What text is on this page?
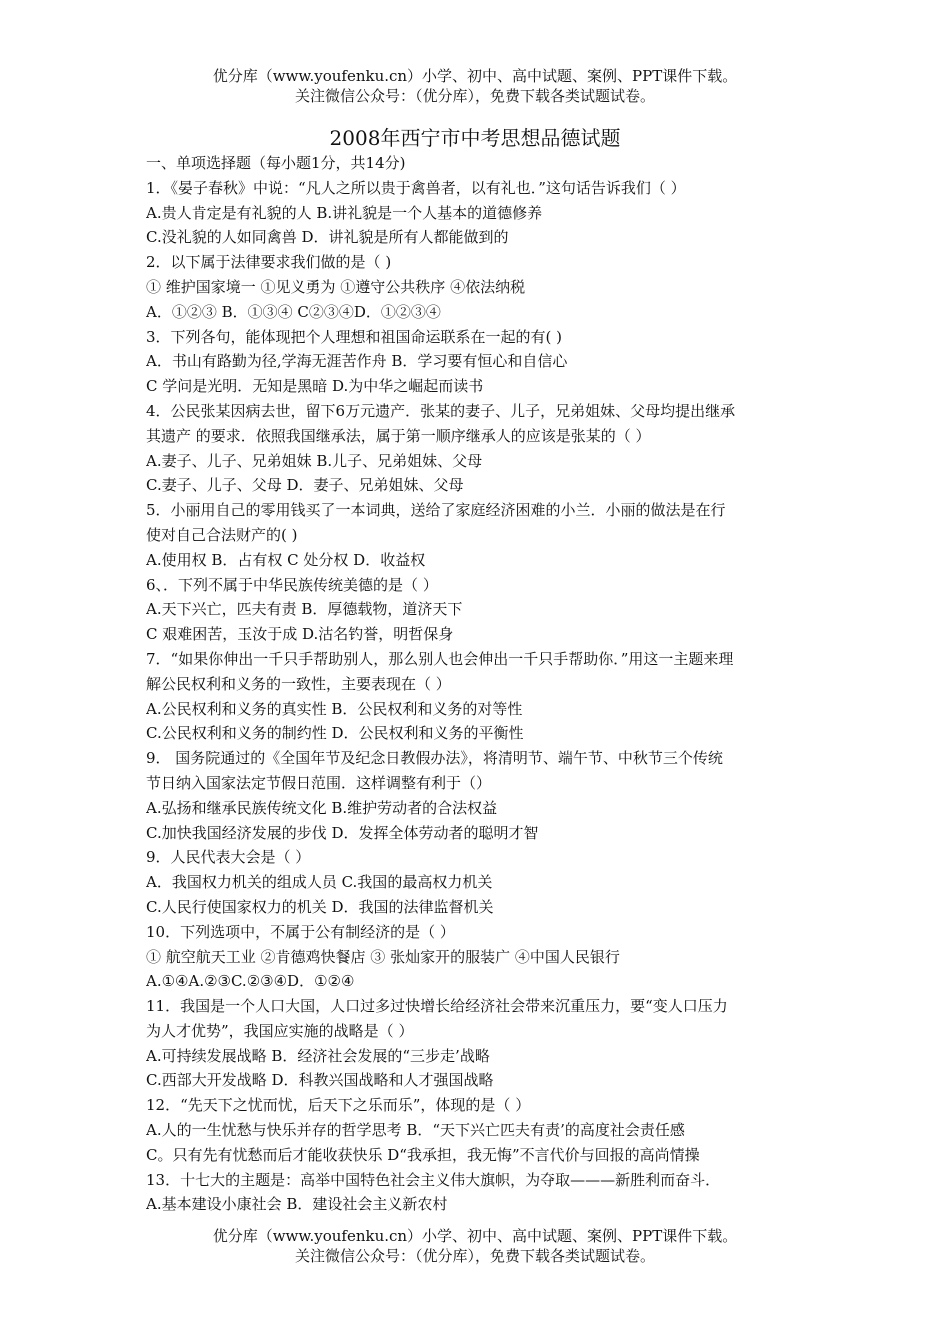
优分库（www.youfenku.cn）小学、初中、高中试题、案例、PPT课件下载。
关注微信公众号：（优分库），免费下载各类试题试卷。
2008年西宁市中考思想品德试题
一、单项选择题（每小题1分，共14分)
1．《晏子春秋》中说：“凡人之所以贵于禽兽者，以有礼也．”这句话告诉我们（ ）
A.贵人肯定是有礼貌的人 B.讲礼貌是一个人基本的道德修养
C.没礼貌的人如同禽兽 D．讲礼貌是所有人都能做到的
2．以下属于法律要求我们做的是（ )
① 维护国家境一 ①见义勇为 ①遵守公共秩序 ④依法纳税
A．①②③ B．①③④ C②③④D．①②③④
3．下列各句，能体现把个人理想和祖国命运联系在一起的有( )
A．书山有路勤为径,学海无涯苦作舟 B．学习要有恒心和自信心
C 学问是光明．无知是黑暗 D.为中华之崛起而读书
4．公民张某因病去世，留下6万元遗产．张某的妻子、儿子，兄弟姐妹、父母均提出继承
其遗产 的要求．依照我国继承法，属于第一顺序继承人的应该是张某的（ ）
A.妻子、儿子、兄弟姐妹 B.儿子、兄弟姐妹、父母
C.妻子、儿子、父母 D．妻子、兄弟姐妹、父母
5．小丽用自己的零用钱买了一本词典，送给了家庭经济困难的小兰．小丽的做法是在行
使对自己合法财产的( )
A.使用权 B．占有权 C 处分权 D．收益权
6、．下列不属于中华民族传统美德的是（ ）
A.天下兴亡，匹夫有责 B．厚德载物，道济天下
C 艰难困苦，玉汝于成 D.沽名钓誉，明哲保身
7．“如果你伸出一千只手帮助别人，那么别人也会伸出一千只手帮助你．”用这一主题来理
解公民权利和义务的一致性，主要表现在（ ）
A.公民权利和义务的真实性 B．公民权利和义务的对等性
C.公民权利和义务的制约性 D．公民权利和义务的平衡性
9． 国务院通过的《全国年节及纪念日教假办法》，将清明节、端午节、中秋节三个传统
节日纳入国家法定节假日范围．这样调整有利于（）
A.弘扬和继承民族传统文化 B.维护劳动者的合法权益
C.加快我国经济发展的步伐 D．发挥全体劳动者的聪明才智
9．人民代表大会是（ ）
A．我国权力机关的组成人员 C.我国的最高权力机关
C.人民行使国家权力的机关 D．我国的法律监督机关
10．下列选项中，不属于公有制经济的是（ ）
① 航空航天工业 ②肯德鸡快餐店 ③ 张灿家开的服装广 ④中国人民银行
A.①④A.②③C.②③④D．①②④
11．我国是一个人口大国，人口过多过快增长给经济社会带来沉重压力，要“变人口压力
为人才优势”，我国应实施的战略是（ ）
A.可持续发展战略 B．经济社会发展的“三步走’战略
C.西部大开发战略 D．科教兴国战略和人才强国战略
12．“先天下之忧而忧，后天下之乐而乐”，体现的是（ ）
A.人的一生忧愁与快乐并存的哲学思考 B．“天下兴亡匹夫有责’的高度社会责任感
C。只有先有忧愁而后才能收获快乐 D“我承担，我无悔”不言代价与回报的高尚情操
13．十七大的主题是：高举中国特色社会主义伟大旗帜，为夺取———新胜利而奋斗．
A.基本建设小康社会 B．建设社会主义新农村
优分库（www.youfenku.cn）小学、初中、高中试题、案例、PPT课件下载。
关注微信公众号：（优分库），免费下载各类试题试卷。
